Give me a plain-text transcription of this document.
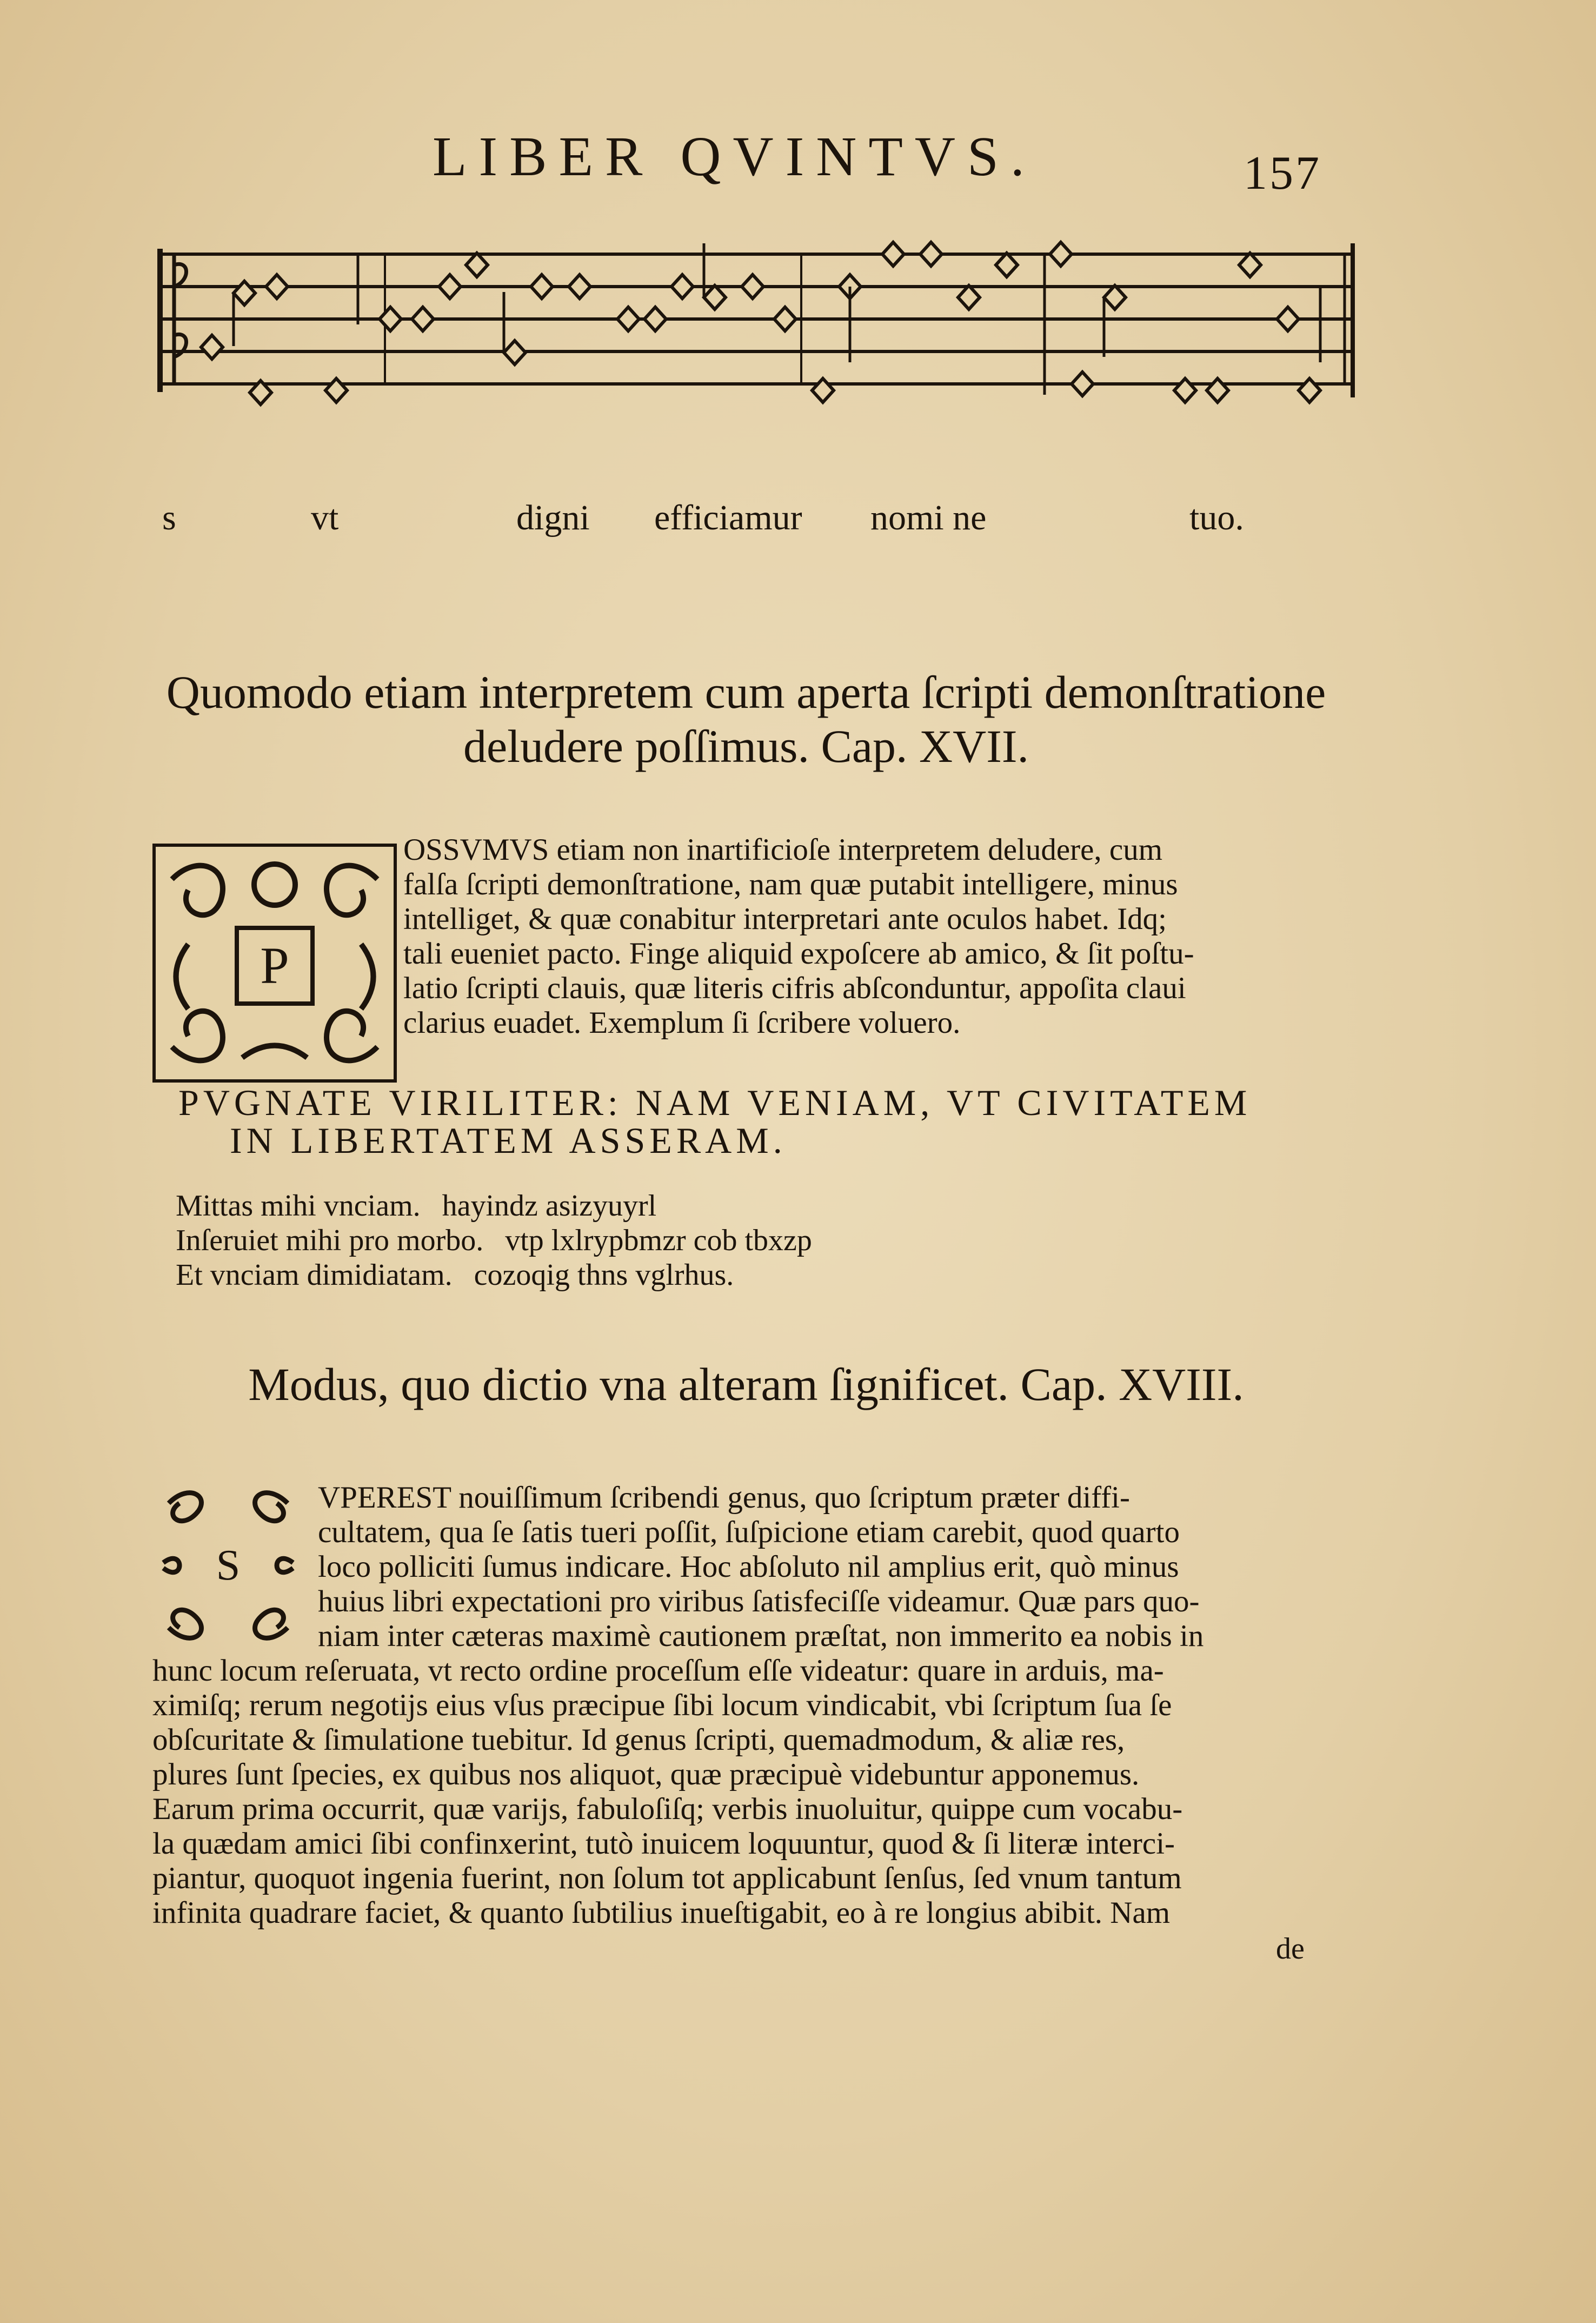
LIBER QVINTVS.	157
s	vt	digni efficiamur nomi ne	tuo.
Quomodo etiam interpretem cum aperta ſcripti demonſtratione
deludere poſſimus. Cap. XVII.
P
OSSVMVS etiam non inartificioſe interpretem deludere, cum
falſa ſcripti demonſtratione, nam quæ putabit intelligere, minus
intelliget, & quæ conabitur interpretari ante oculos habet. Idq;
tali eueniet pacto. Finge aliquid expoſcere ab amico, & ſit poſtu-
latio ſcripti clauis, quæ literis cifris abſconduntur, appoſita claui
clarius euadet. Exemplum ſi ſcribere voluero.
PVGNATE VIRILITER: NAM VENIAM, VT CIVITATEM
IN LIBERTATEM ASSERAM.
Mittas mihi vnciam. hayindz asizyuyrl
Inſeruiet mihi pro morbo. vtp lxlrypbmzr cob tbxzp
Et vnciam dimidiatam. cozoqig thns vglrhus.
Modus, quo dictio vna alteram ſignificet. Cap. XVIII.
S
VPEREST nouiſſimum ſcribendi genus, quo ſcriptum præter diffi-
cultatem, qua ſe ſatis tueri poſſit, ſuſpicione etiam carebit, quod quarto
loco polliciti ſumus indicare. Hoc abſoluto nil amplius erit, quò minus
huius libri expectationi pro viribus ſatisfeciſſe videamur. Quæ pars quo-
niam inter cæteras maximè cautionem præſtat, non immerito ea nobis in
hunc locum reſeruata, vt recto ordine proceſſum eſſe videatur: quare in arduis, ma-
ximiſq; rerum negotijs eius vſus præcipue ſibi locum vindicabit, vbi ſcriptum ſua ſe
obſcuritate & ſimulatione tuebitur. Id genus ſcripti, quemadmodum, & aliæ res,
plures ſunt ſpecies, ex quibus nos aliquot, quæ præcipuè videbuntur apponemus.
Earum prima occurrit, quæ varijs, fabuloſiſq; verbis inuoluitur, quippe cum vocabu-
la quædam amici ſibi confinxerint, tutò inuicem loquuntur, quod & ſi literæ interci-
piantur, quoquot ingenia fuerint, non ſolum tot applicabunt ſenſus, ſed vnum tantum
infinita quadrare faciet, & quanto ſubtilius inueſtigabit, eo à re longius abibit. Nam
de
